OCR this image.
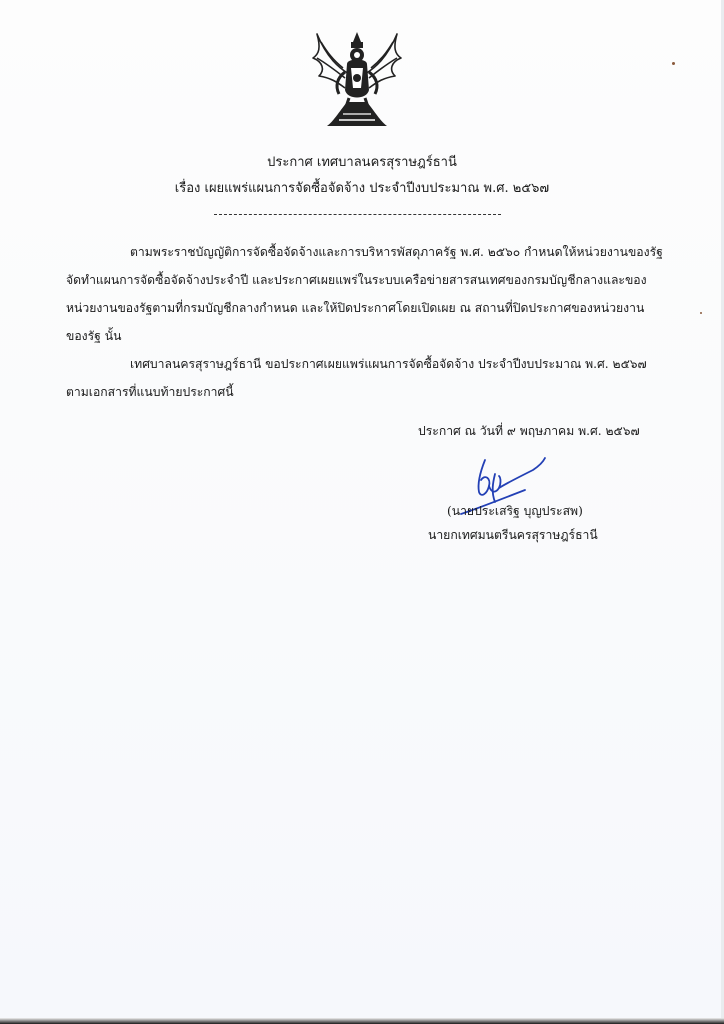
ประกาศ เทศบาลนครสุราษฎร์ธานี
เรื่อง เผยแพร่แผนการจัดซื้อจัดจ้าง ประจำปีงบประมาณ พ.ศ. ๒๕๖๗
ตามพระราชบัญญัติการจัดซื้อจัดจ้างและการบริหารพัสดุภาครัฐ พ.ศ. ๒๕๖๐ กำหนดให้หน่วยงานของรัฐ
จัดทำแผนการจัดซื้อจัดจ้างประจำปี และประกาศเผยแพร่ในระบบเครือข่ายสารสนเทศของกรมบัญชีกลางและของ
หน่วยงานของรัฐตามที่กรมบัญชีกลางกำหนด และให้ปิดประกาศโดยเปิดเผย ณ สถานที่ปิดประกาศของหน่วยงาน
ของรัฐ นั้น
เทศบาลนครสุราษฎร์ธานี ขอประกาศเผยแพร่แผนการจัดซื้อจัดจ้าง ประจำปีงบประมาณ พ.ศ. ๒๕๖๗
ตามเอกสารที่แนบท้ายประกาศนี้
ประกาศ ณ วันที่ ๙ พฤษภาคม พ.ศ. ๒๕๖๗
(นายประเสริฐ บุญประสพ)
นายกเทศมนตรีนครสุราษฎร์ธานี
